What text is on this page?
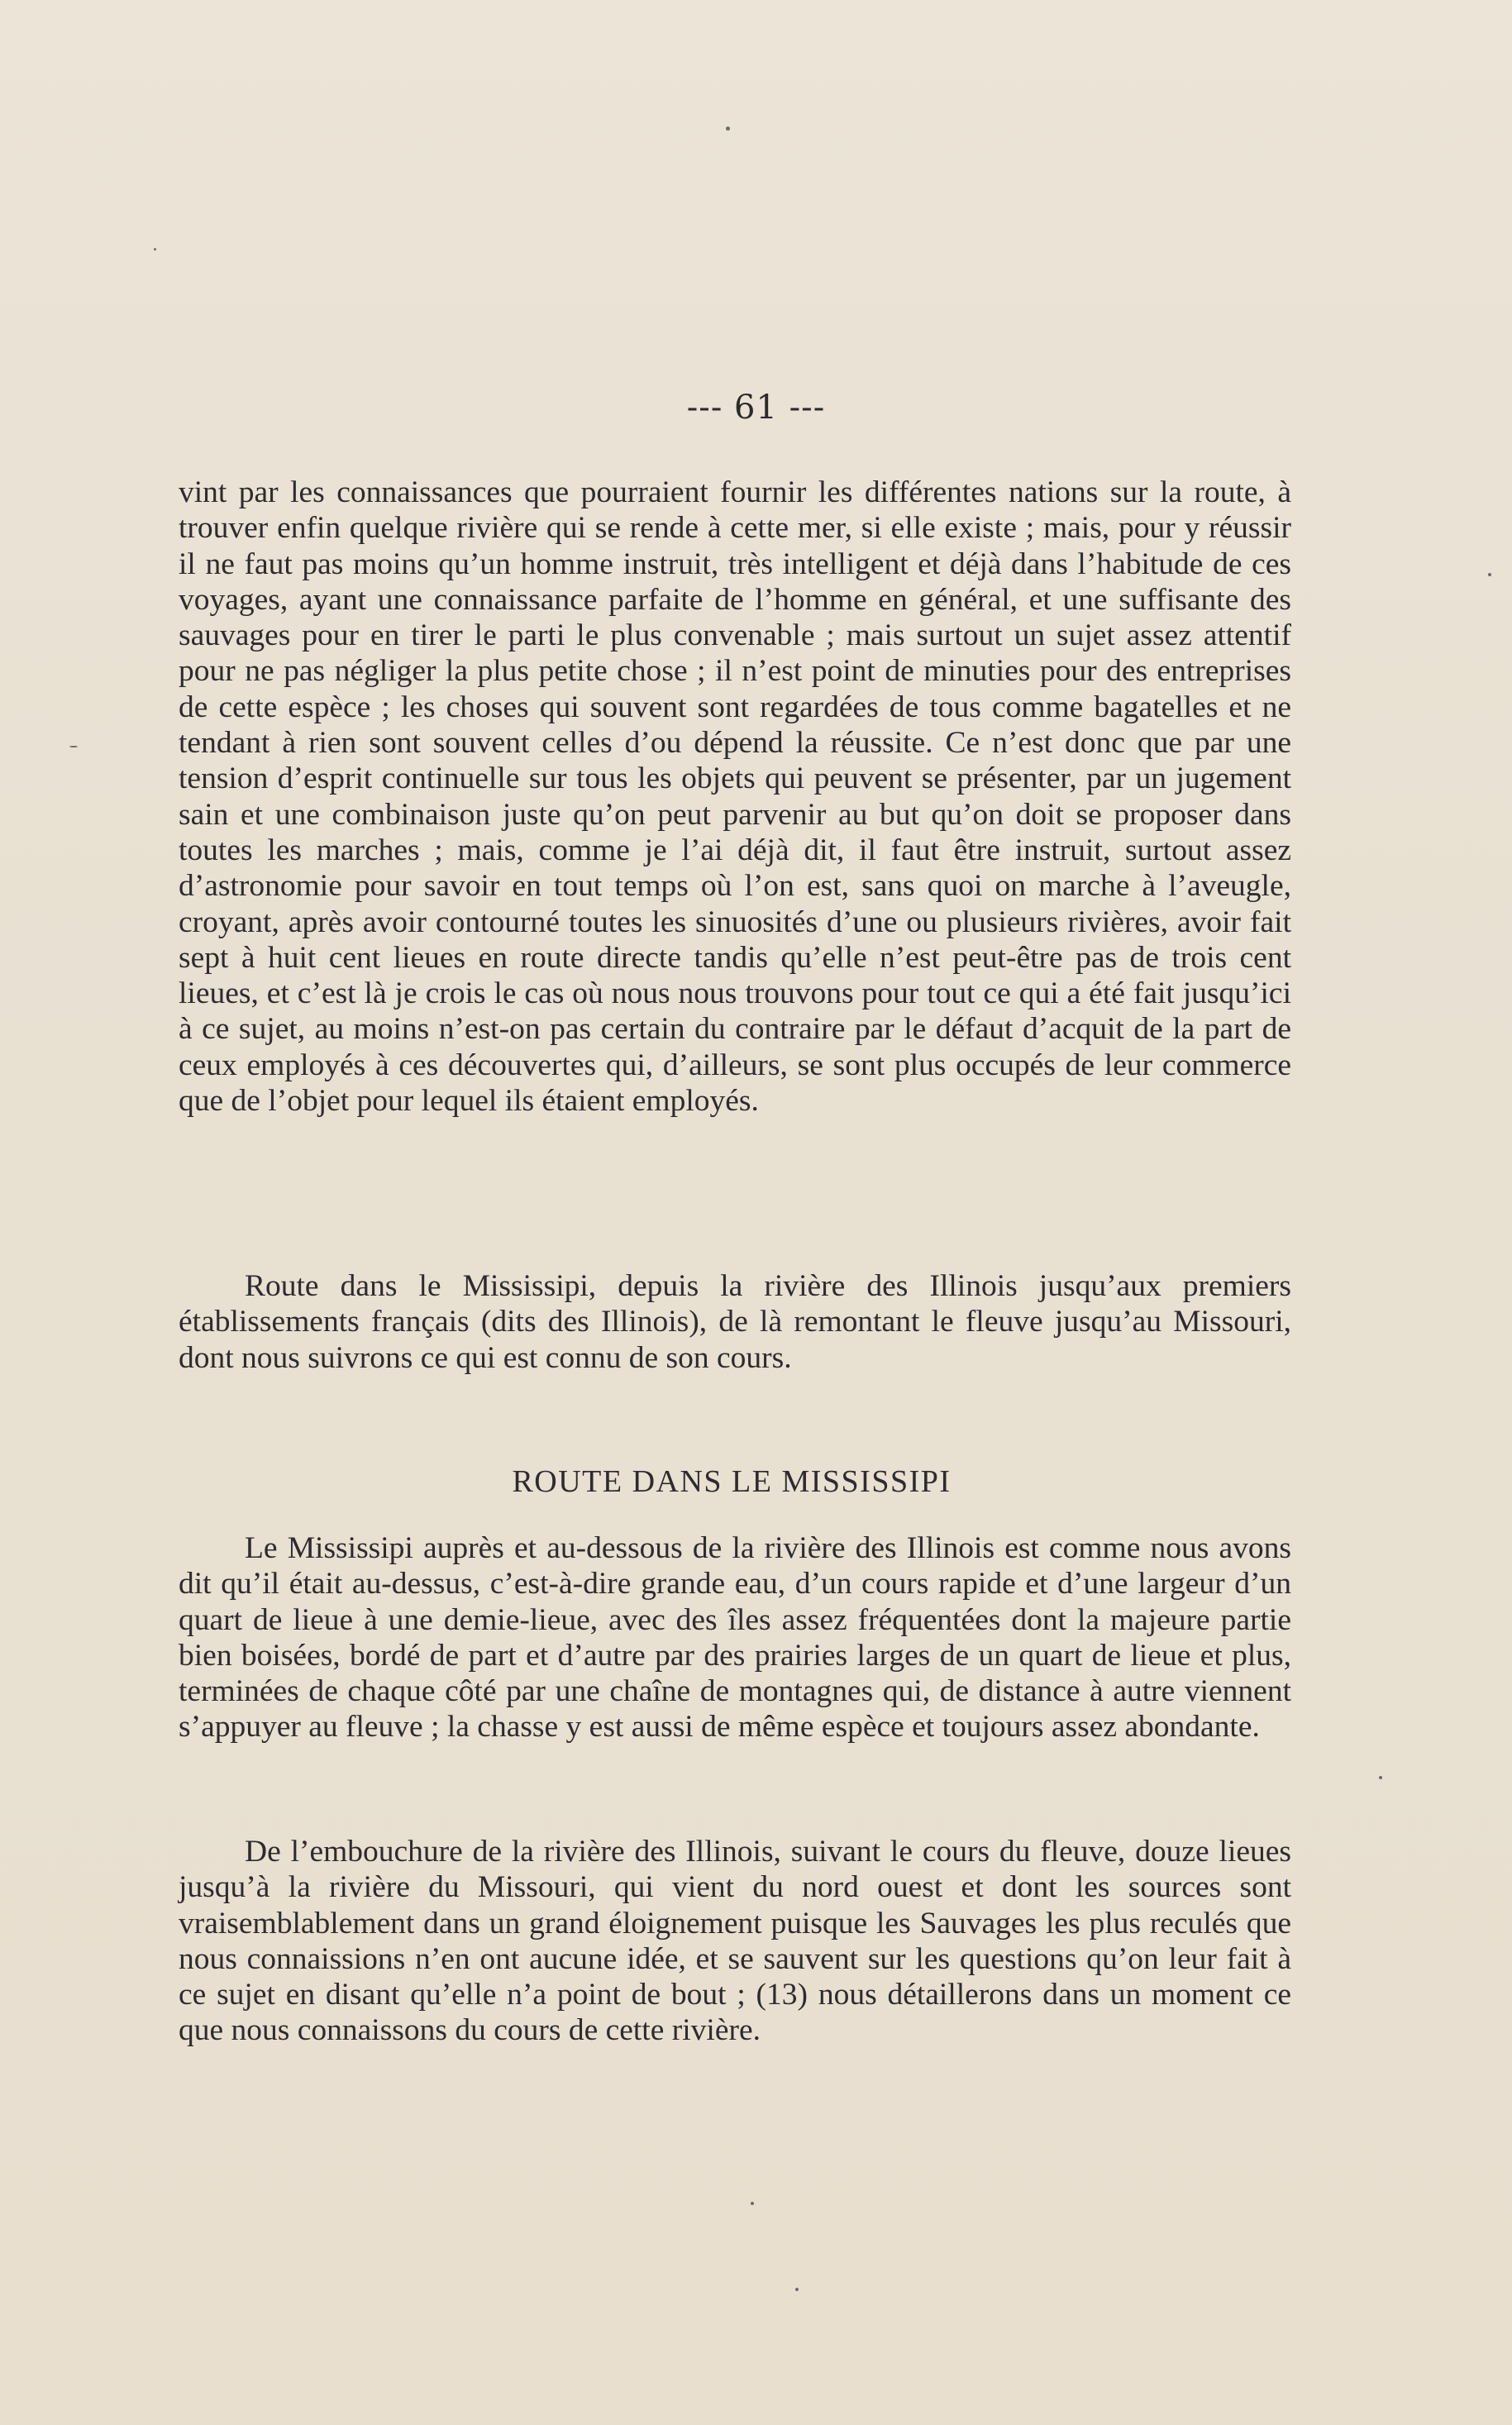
--- 61 ---

vint par les connaissances que pourraient fournir les différentes nations sur la route, à trouver enfin quelque rivière qui se rende à cette mer, si elle existe ; mais, pour y réussir il ne faut pas moins qu’un homme instruit, très intelligent et déjà dans l’habitude de ces voyages, ayant une connaissance parfaite de l’homme en général, et une suffisante des sauvages pour en tirer le parti le plus convenable ; mais surtout un sujet assez attentif pour ne pas négliger la plus petite chose ; il n’est point de minuties pour des entreprises de cette espèce ; les choses qui souvent sont regardées de tous comme bagatelles et ne tendant à rien sont souvent celles d’ou dépend la réussite. Ce n’est donc que par une tension d’esprit continuelle sur tous les objets qui peuvent se présenter, par un jugement sain et une combinaison juste qu’on peut parvenir au but qu’on doit se proposer dans toutes les marches ; mais, comme je l’ai déjà dit, il faut être instruit, surtout assez d’astronomie pour savoir en tout temps où l’on est, sans quoi on marche à l’aveugle, croyant, après avoir contourné toutes les sinuosités d’une ou plusieurs rivières, avoir fait sept à huit cent lieues en route directe tandis qu’elle n’est peut-être pas de trois cent lieues, et c’est là je crois le cas où nous nous trouvons pour tout ce qui a été fait jusqu’ici à ce sujet, au moins n’est-on pas certain du contraire par le défaut d’acquit de la part de ceux employés à ces découvertes qui, d’ailleurs, se sont plus occupés de leur commerce que de l’objet pour lequel ils étaient employés.

Route dans le Mississipi, depuis la rivière des Illinois jusqu’aux premiers établissements français (dits des Illinois), de là remontant le fleuve jusqu’au Missouri, dont nous suivrons ce qui est connu de son cours.

ROUTE DANS LE MISSISSIPI

Le Mississipi auprès et au-dessous de la rivière des Illinois est comme nous avons dit qu’il était au-dessus, c’est-à-dire grande eau, d’un cours rapide et d’une largeur d’un quart de lieue à une demie-lieue, avec des îles assez fréquentées dont la majeure partie bien boisées, bordé de part et d’autre par des prairies larges de un quart de lieue et plus, terminées de chaque côté par une chaîne de montagnes qui, de distance à autre viennent s’appuyer au fleuve ; la chasse y est aussi de même espèce et toujours assez abondante.

De l’embouchure de la rivière des Illinois, suivant le cours du fleuve, douze lieues jusqu’à la rivière du Missouri, qui vient du nord ouest et dont les sources sont vraisemblablement dans un grand éloignement puisque les Sauvages les plus reculés que nous connaissions n’en ont aucune idée, et se sauvent sur les questions qu’on leur fait à ce sujet en disant qu’elle n’a point de bout ; (13) nous détaillerons dans un moment ce que nous connaissons du cours de cette rivière.
